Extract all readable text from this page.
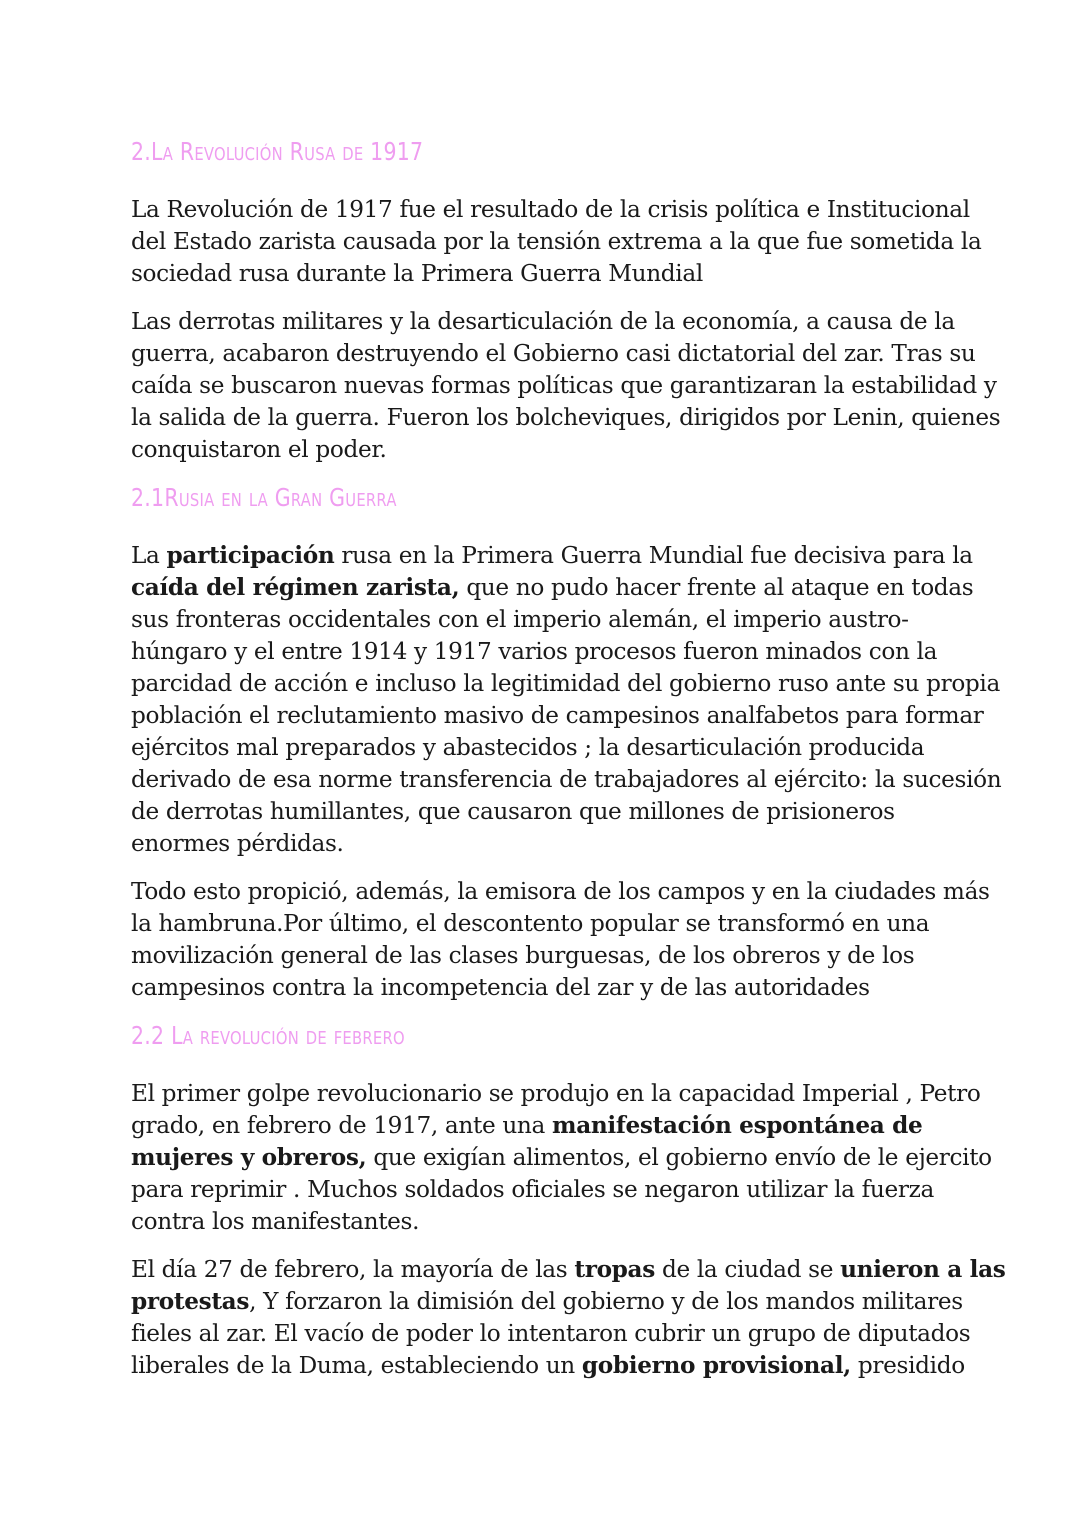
2.La Revolución Rusa de 1917
La Revolución de 1917 fue el resultado de la crisis política e Institucional
del Estado zarista causada por la tensión extrema a la que fue sometida la
sociedad rusa durante la Primera Guerra Mundial
Las derrotas militares y la desarticulación de la economía, a causa de la
guerra, acabaron destruyendo el Gobierno casi dictatorial del zar. Tras su
caída se buscaron nuevas formas políticas que garantizaran la estabilidad y
la salida de la guerra. Fueron los bolcheviques, dirigidos por Lenin, quienes
conquistaron el poder.
2.1Rusia en la Gran Guerra
La participación rusa en la Primera Guerra Mundial fue decisiva para la
caída del régimen zarista, que no pudo hacer frente al ataque en todas
sus fronteras occidentales con el imperio alemán, el imperio austro-
húngaro y el entre 1914 y 1917 varios procesos fueron minados con la
parcidad de acción e incluso la legitimidad del gobierno ruso ante su propia
población el reclutamiento masivo de campesinos analfabetos para formar
ejércitos mal preparados y abastecidos ; la desarticulación producida
derivado de esa norme transferencia de trabajadores al ejército: la sucesión
de derrotas humillantes, que causaron que millones de prisioneros
enormes pérdidas.
Todo esto propició, además, la emisora de los campos y en la ciudades más
la hambruna.Por último, el descontento popular se transformó en una
movilización general de las clases burguesas, de los obreros y de los
campesinos contra la incompetencia del zar y de las autoridades
2.2 La revolución de febrero
El primer golpe revolucionario se produjo en la capacidad Imperial , Petro
grado, en febrero de 1917, ante una manifestación espontánea de
mujeres y obreros, que exigían alimentos, el gobierno envío de le ejercito
para reprimir . Muchos soldados oficiales se negaron utilizar la fuerza
contra los manifestantes.
El día 27 de febrero, la mayoría de las tropas de la ciudad se unieron a las
protestas, Y forzaron la dimisión del gobierno y de los mandos militares
fieles al zar. El vacío de poder lo intentaron cubrir un grupo de diputados
liberales de la Duma, estableciendo un gobierno provisional, presidido
